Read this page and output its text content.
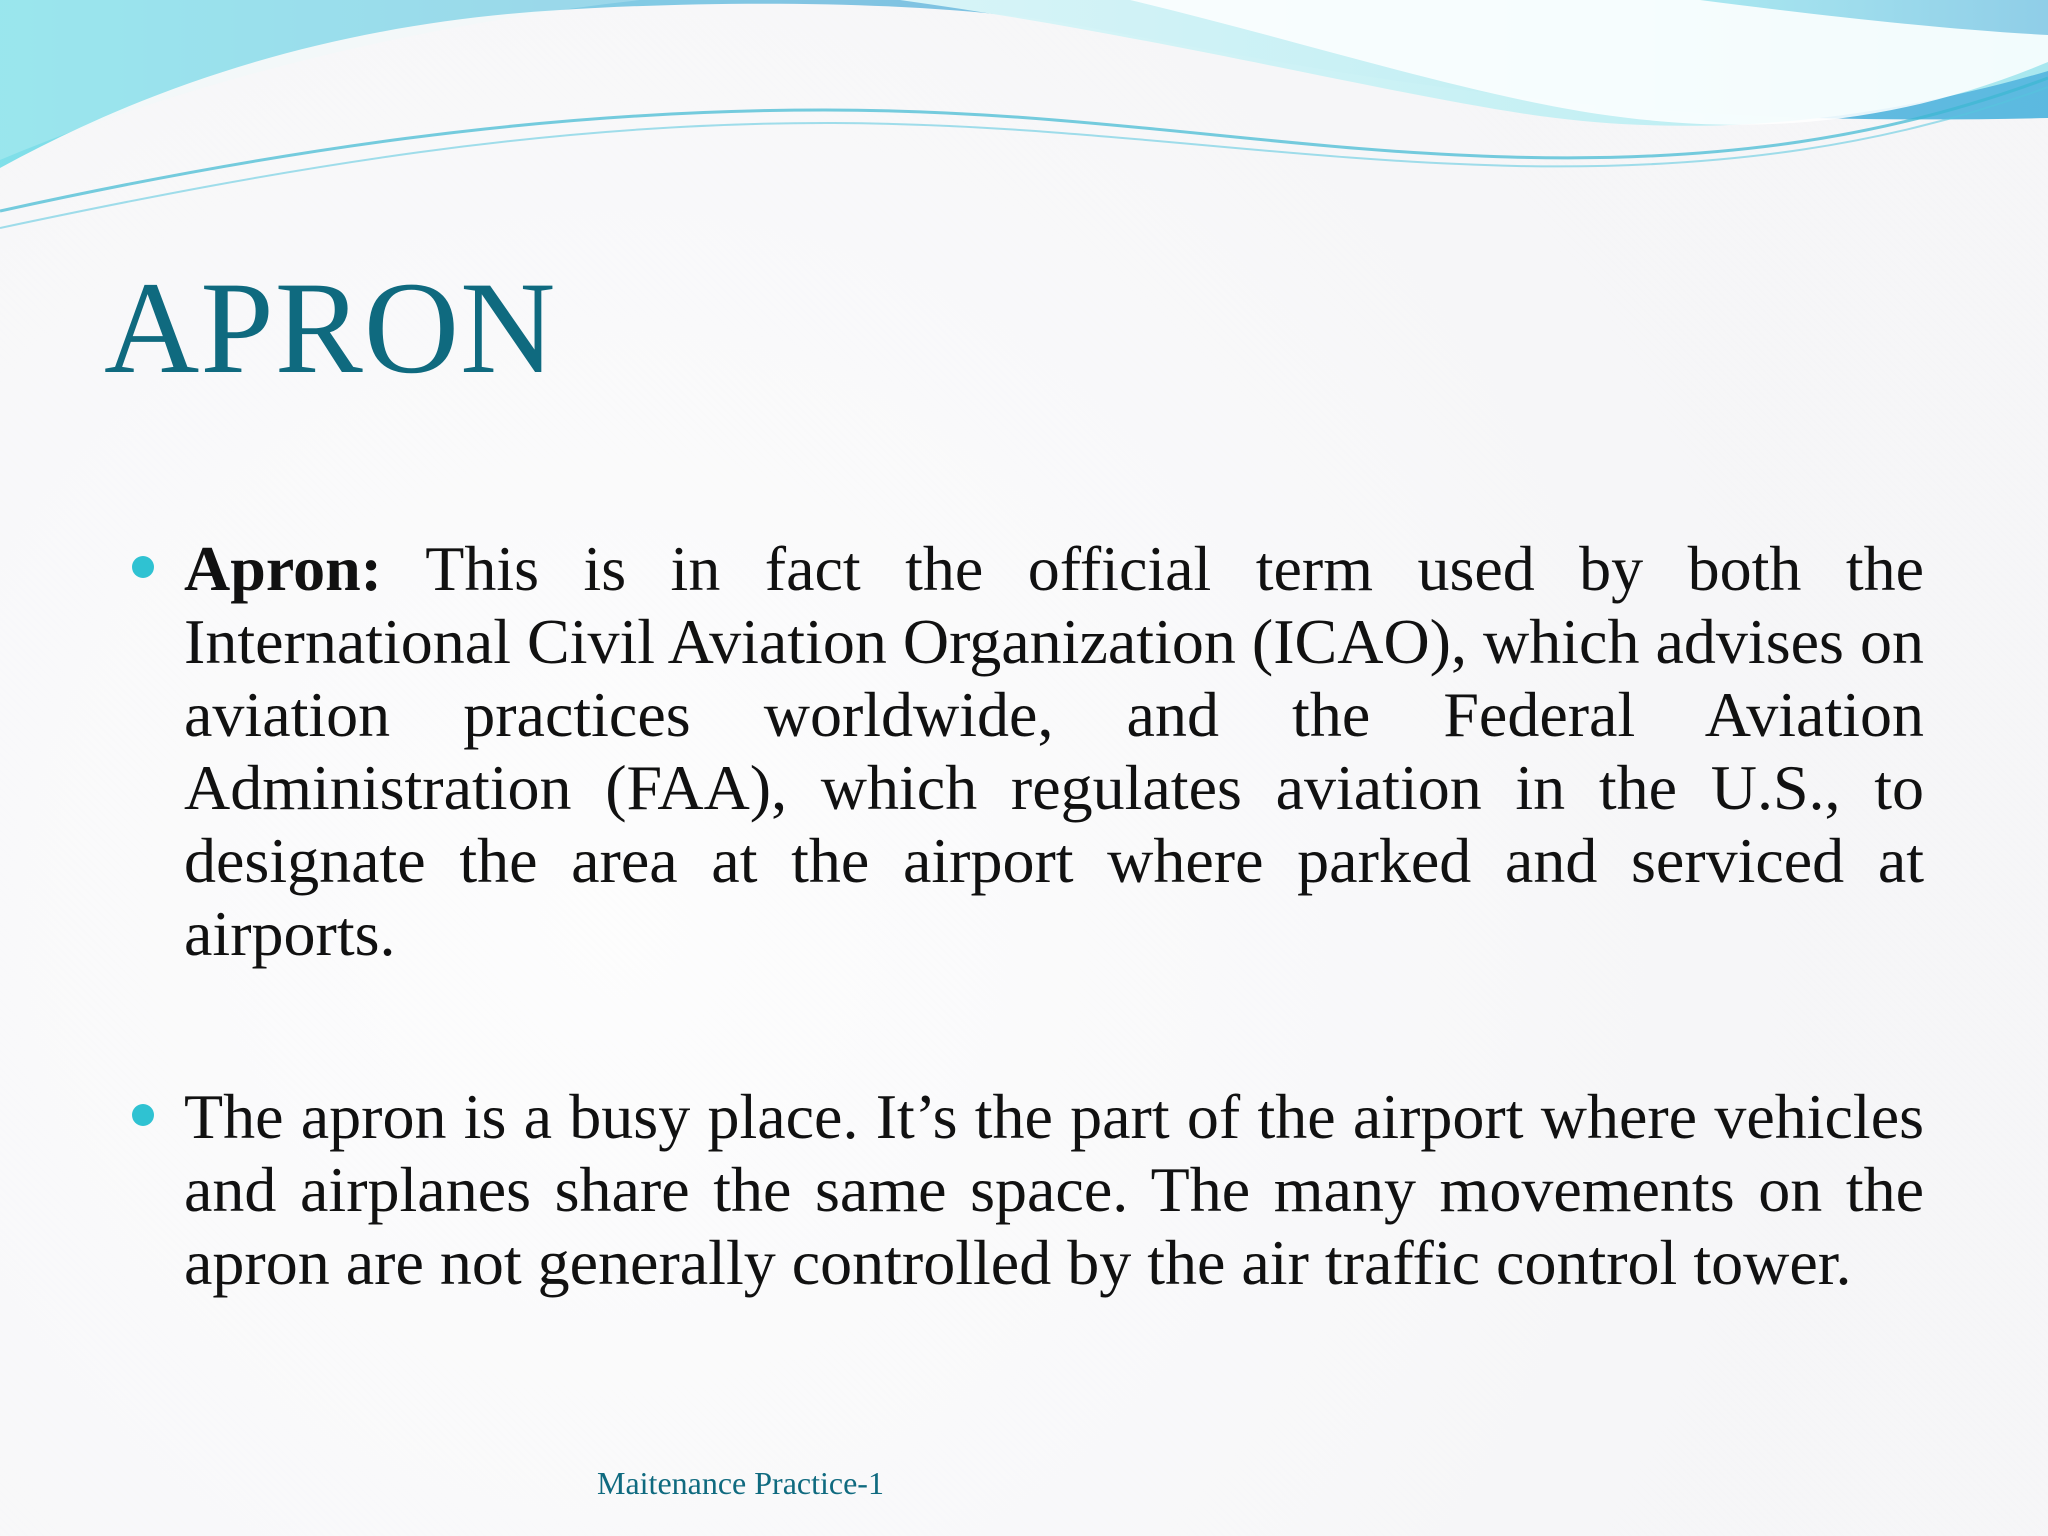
APRON
Apron: This is in fact the official term used by both the International Civil Aviation Organization (ICAO), which advises on aviation practices worldwide, and the Federal Aviation Administration (FAA), which regulates aviation in the U.S., to designate the area at the airport where parked and serviced at airports.
The apron is a busy place. It’s the part of the airport where vehicles and airplanes share the same space. The many movements on the apron are not generally controlled by the air traffic control tower.
Maitenance Practice-1
